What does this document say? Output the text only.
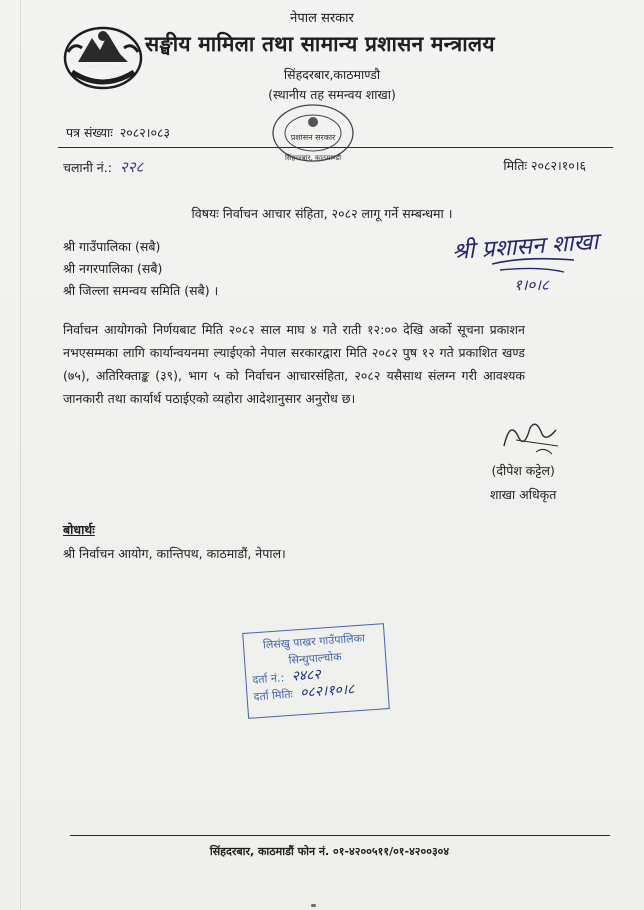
नेपाल सरकार
सङ्घीय मामिला तथा सामान्य प्रशासन मन्त्रालय
सिंहदरबार,काठमाण्डौ
(स्थानीय तह समन्वय शाखा)
प्रशासन सरकार
सिंहदरबार, काठमाण्डौ
पत्र संख्याः २०८२।०८३
चलानी नं.: २२८	मितिः २०८२।१०।६
विषयः निर्वाचन आचार संहिता, २०८२ लागू गर्ने सम्बन्धमा ।
श्री गाउँपालिका (सबै)
श्री नगरपालिका (सबै)
श्री जिल्ला समन्वय समिति (सबै) ।
श्री प्रशासन शाखा
१।०।८
निर्वाचन आयोगको निर्णयबाट मिति २०८२ साल माघ ४ गते राती १२:०० देखि अर्को सूचना प्रकाशन नभएसम्मका लागि कार्यान्वयनमा ल्याईएको नेपाल सरकारद्वारा मिति २०८२ पुष १२ गते प्रकाशित खण्ड (७५), अतिरिक्ताङ्क (३९), भाग ५ को निर्वाचन आचारसंहिता, २०८२ यसैसाथ संलग्न गरी आवश्यक जानकारी तथा कार्यार्थ पठाईएको व्यहोरा आदेशानुसार अनुरोध छ।
(दीपेश कट्टेल)
शाखा अधिकृत
बोधार्थः
श्री निर्वाचन आयोग, कान्तिपथ, काठमाडौं, नेपाल।
लिसंखु पाखर गाउँपालिका
सिन्धुपाल्चोक
दर्ता नं.: २४८२
दर्ता मितिः ०८२।१०।८
सिंहदरबार, काठमाडौं फोन नं. ०१-४२००५११/०१-४२००३०४
